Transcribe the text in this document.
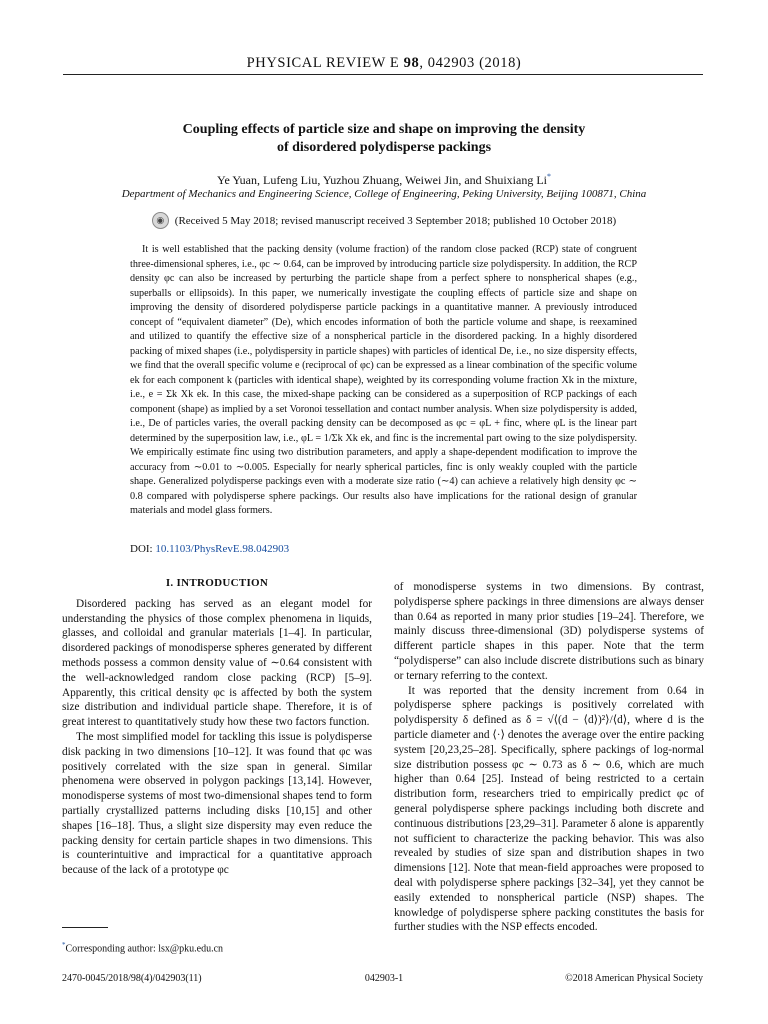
PHYSICAL REVIEW E 98, 042903 (2018)
Coupling effects of particle size and shape on improving the density
of disordered polydisperse packings
Ye Yuan, Lufeng Liu, Yuzhou Zhuang, Weiwei Jin, and Shuixiang Li*
Department of Mechanics and Engineering Science, College of Engineering, Peking University, Beijing 100871, China
◉ (Received 5 May 2018; revised manuscript received 3 September 2018; published 10 October 2018)

It is well established that the packing density (volume fraction) of the random close packed (RCP) state of congruent three-dimensional spheres, i.e., φc ∼ 0.64, can be improved by introducing particle size polydispersity. In addition, the RCP density φc can also be increased by perturbing the particle shape from a perfect sphere to nonspherical shapes (e.g., superballs or ellipsoids). In this paper, we numerically investigate the coupling effects of particle size and shape on improving the density of disordered polydisperse particle packings in a quantitative manner. A previously introduced concept of “equivalent diameter” (De), which encodes information of both the particle volume and shape, is reexamined and utilized to quantify the effective size of a nonspherical particle in the disordered packing. In a highly disordered packing of mixed shapes (i.e., polydispersity in particle shapes) with particles of identical De, i.e., no size dispersity effects, we find that the overall specific volume e (reciprocal of φc) can be expressed as a linear combination of the specific volume ek for each component k (particles with identical shape), weighted by its corresponding volume fraction Xk in the mixture, i.e., e = Σk Xk ek. In this case, the mixed-shape packing can be considered as a superposition of RCP packings of each component (shape) as implied by a set Voronoi tessellation and contact number analysis. When size polydispersity is added, i.e., De of particles varies, the overall packing density can be decomposed as φc = φL + finc, where φL is the linear part determined by the superposition law, i.e., φL = 1/Σk Xk ek, and finc is the incremental part owing to the size polydispersity. We empirically estimate finc using two distribution parameters, and apply a shape-dependent modification to improve the accuracy from ∼0.01 to ∼0.005. Especially for nearly spherical particles, finc is only weakly coupled with the particle shape. Generalized polydisperse packings even with a moderate size ratio (∼4) can achieve a relatively high density φc ∼ 0.8 compared with polydisperse sphere packings. Our results also have implications for the rational design of granular materials and model glass formers.

DOI: 10.1103/PhysRevE.98.042903
I. INTRODUCTION

Disordered packing has served as an elegant model for understanding the physics of those complex phenomena in liquids, glasses, and colloidal and granular materials [1–4]. In particular, disordered packings of monodisperse spheres generated by different methods possess a common density value of ∼0.64 consistent with the well-acknowledged random close packing (RCP) [5–9]. Apparently, this critical density φc is affected by both the system size distribution and individual particle shape. Therefore, it is of great interest to quantitatively study how these two factors function.

The most simplified model for tackling this issue is polydisperse disk packing in two dimensions [10–12]. It was found that φc was positively correlated with the size span in general. Similar phenomena were observed in polygon packings [13,14]. However, monodisperse systems of most two-dimensional shapes tend to form partially crystallized patterns including disks [10,15] and other shapes [16–18]. Thus, a slight size dispersity may even reduce the packing density for certain particle shapes in two dimensions. This is counterintuitive and impractical for a quantitative approach because of the lack of a prototype φc

of monodisperse systems in two dimensions. By contrast, polydisperse sphere packings in three dimensions are always denser than 0.64 as reported in many prior studies [19–24]. Therefore, we mainly discuss three-dimensional (3D) polydisperse systems of different particle shapes in this paper. Note that the term “polydisperse” can also include discrete distributions such as binary or ternary referring to the context.

It was reported that the density increment from 0.64 in polydisperse sphere packings is positively correlated with polydispersity δ defined as δ = √⟨(d − ⟨d⟩)²⟩/⟨d⟩, where d is the particle diameter and ⟨·⟩ denotes the average over the entire packing system [20,23,25–28]. Specifically, sphere packings of log-normal size distribution possess φc ∼ 0.73 as δ ∼ 0.6, which are much higher than 0.64 [25]. Instead of being restricted to a certain distribution form, researchers tried to empirically predict φc of general polydisperse sphere packings including both discrete and continuous distributions [23,29–31]. Parameter δ alone is apparently not sufficient to characterize the packing behavior. This was also revealed by studies of size span and distribution shapes in two dimensions [12]. Note that mean-field approaches were proposed to deal with polydisperse sphere packings [32–34], yet they cannot be easily extended to nonspherical particle (NSP) shapes. The knowledge of polydisperse sphere packing constitutes the basis for further studies with the NSP effects encoded.

*Corresponding author: lsx@pku.edu.cn
2470-0045/2018/98(4)/042903(11)	042903-1	©2018 American Physical Society
